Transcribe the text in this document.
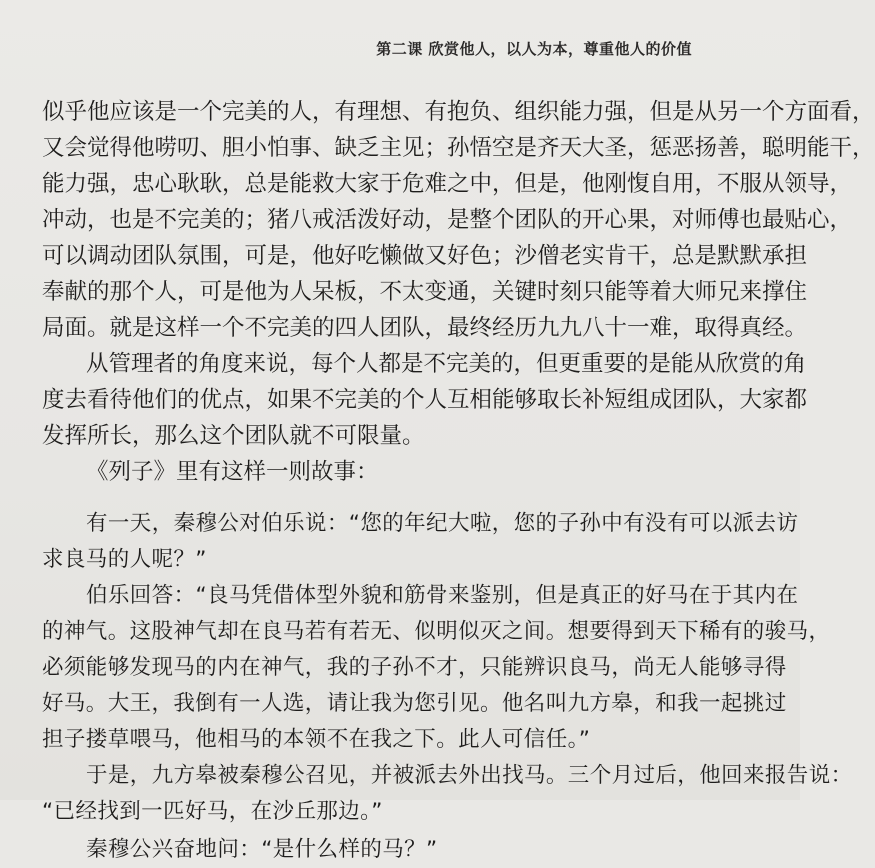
第二课 欣赏他人，以人为本，尊重他人的价值
似乎他应该是一个完美的人，有理想、有抱负、组织能力强，但是从另一个方面看，
又会觉得他唠叨、胆小怕事、缺乏主见；孙悟空是齐天大圣，惩恶扬善，聪明能干，
能力强，忠心耿耿，总是能救大家于危难之中，但是，他刚愎自用，不服从领导，
冲动，也是不完美的；猪八戒活泼好动，是整个团队的开心果，对师傅也最贴心，
可以调动团队氛围，可是，他好吃懒做又好色；沙僧老实肯干，总是默默承担
奉献的那个人，可是他为人呆板，不太变通，关键时刻只能等着大师兄来撑住
局面。就是这样一个不完美的四人团队，最终经历九九八十一难，取得真经。
从管理者的角度来说，每个人都是不完美的，但更重要的是能从欣赏的角
度去看待他们的优点，如果不完美的个人互相能够取长补短组成团队，大家都
发挥所长，那么这个团队就不可限量。
《列子》里有这样一则故事：
有一天，秦穆公对伯乐说：“您的年纪大啦，您的子孙中有没有可以派去访
求良马的人呢？”
伯乐回答：“良马凭借体型外貌和筋骨来鉴别，但是真正的好马在于其内在
的神气。这股神气却在良马若有若无、似明似灭之间。想要得到天下稀有的骏马，
必须能够发现马的内在神气，我的子孙不才，只能辨识良马，尚无人能够寻得
好马。大王，我倒有一人选，请让我为您引见。他名叫九方皋，和我一起挑过
担子搂草喂马，他相马的本领不在我之下。此人可信任。”
于是，九方皋被秦穆公召见，并被派去外出找马。三个月过后，他回来报告说：
“已经找到一匹好马，在沙丘那边。”
秦穆公兴奋地问：“是什么样的马？”
